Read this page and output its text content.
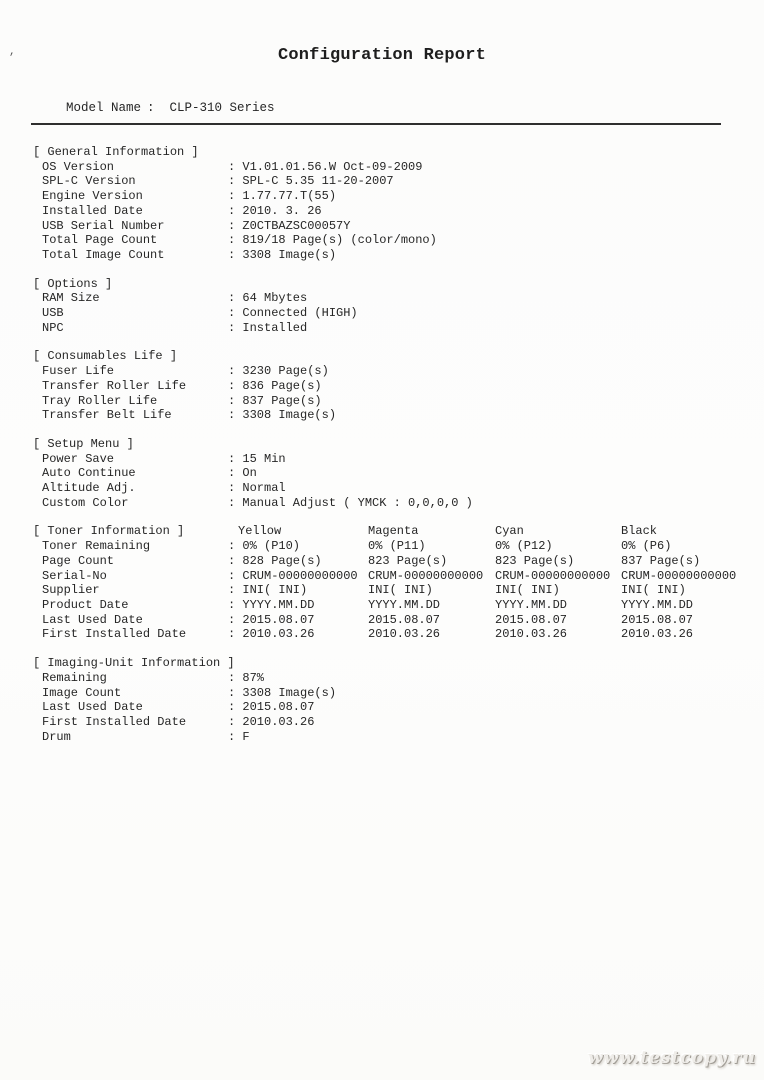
,	Configuration Report

Model Name :  CLP-310 Series

[ General Information ]
OS Version	: V1.01.01.56.W Oct-09-2009
SPL-C Version	: SPL-C 5.35 11-20-2007
Engine Version	: 1.77.77.T(55)
Installed Date	: 2010. 3. 26
USB Serial Number	: Z0CTBAZSC00057Y
Total Page Count	: 819/18 Page(s) (color/mono)
Total Image Count	: 3308 Image(s)
[ Options ]
RAM Size	: 64 Mbytes
USB	: Connected (HIGH)
NPC	: Installed
[ Consumables Life ]
Fuser Life	: 3230 Page(s)
Transfer Roller Life	: 836 Page(s)
Tray Roller Life	: 837 Page(s)
Transfer Belt Life	: 3308 Image(s)
[ Setup Menu ]
Power Save	: 15 Min
Auto Continue	: On
Altitude Adj.	: Normal
Custom Color	: Manual Adjust ( YMCK : 0,0,0,0 )
[ Toner Information ]	Yellow	Magenta	Cyan	Black
Toner Remaining	: 0% (P10)	0% (P11)	0% (P12)	0% (P6)
Page Count	: 828 Page(s)	823 Page(s)	823 Page(s)	837 Page(s)
Serial-No	: CRUM-00000000000 CRUM-00000000000 CRUM-00000000000 CRUM-00000000000
Supplier	: INI( INI)	INI( INI)	INI( INI)	INI( INI)
Product Date	: YYYY.MM.DD	YYYY.MM.DD	YYYY.MM.DD	YYYY.MM.DD
Last Used Date	: 2015.08.07	2015.08.07	2015.08.07	2015.08.07
First Installed Date	: 2010.03.26	2010.03.26	2010.03.26	2010.03.26
[ Imaging-Unit Information ]
Remaining	: 87%
Image Count	: 3308 Image(s)
Last Used Date	: 2015.08.07
First Installed Date	: 2010.03.26
Drum	: F
www.testcopy.ru
